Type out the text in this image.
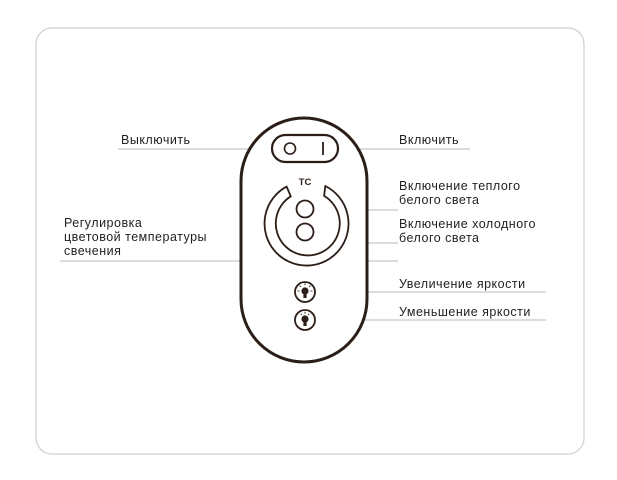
TC
Выключить	Включить
Регулировка
цветовой температуры
свечения
Включение теплого
белого света
Включение холодного
белого света
Увеличение яркости
Уменьшение яркости
